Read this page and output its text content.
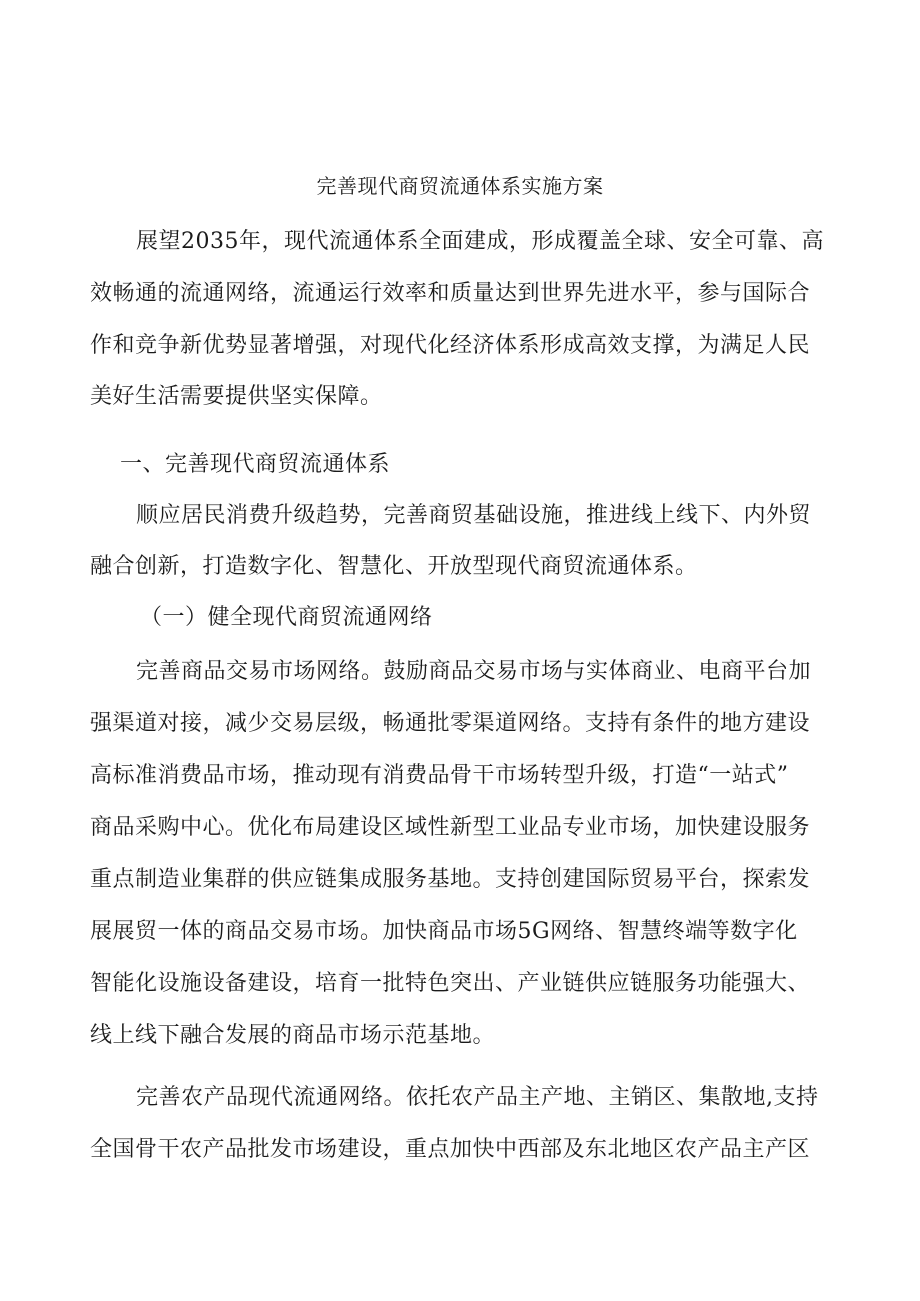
完善现代商贸流通体系实施方案
展望2035年，现代流通体系全面建成，形成覆盖全球、安全可靠、高
效畅通的流通网络，流通运行效率和质量达到世界先进水平，参与国际合
作和竞争新优势显著增强，对现代化经济体系形成高效支撑，为满足人民
美好生活需要提供坚实保障。
一、完善现代商贸流通体系
顺应居民消费升级趋势，完善商贸基础设施，推进线上线下、内外贸
融合创新，打造数字化、智慧化、开放型现代商贸流通体系。
（一）健全现代商贸流通网络
完善商品交易市场网络。鼓励商品交易市场与实体商业、电商平台加
强渠道对接，减少交易层级，畅通批零渠道网络。支持有条件的地方建设
高标准消费品市场，推动现有消费品骨干市场转型升级，打造“一站式”
商品采购中心。优化布局建设区域性新型工业品专业市场，加快建设服务
重点制造业集群的供应链集成服务基地。支持创建国际贸易平台，探索发
展展贸一体的商品交易市场。加快商品市场5G网络、智慧终端等数字化
智能化设施设备建设，培育一批特色突出、产业链供应链服务功能强大、
线上线下融合发展的商品市场示范基地。
完善农产品现代流通网络。依托农产品主产地、主销区、集散地,支持
全国骨干农产品批发市场建设，重点加快中西部及东北地区农产品主产区
